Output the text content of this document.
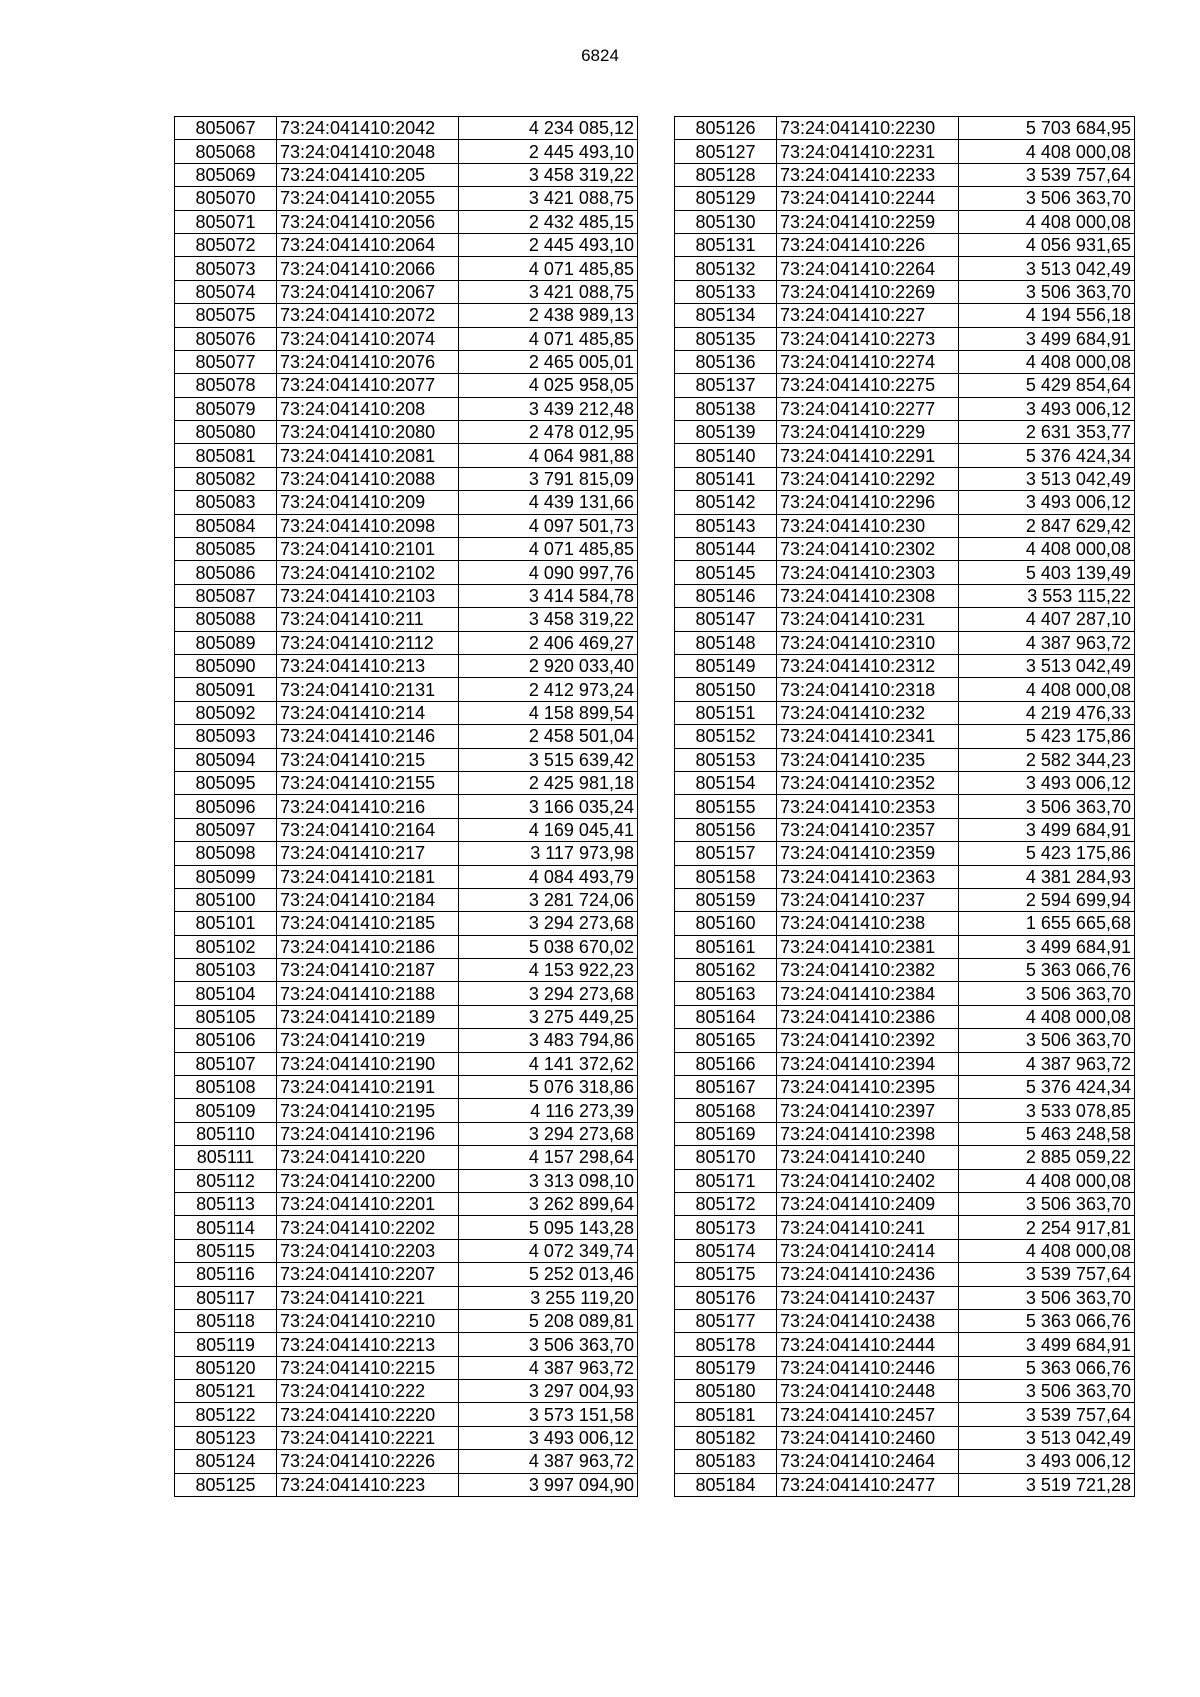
6824
805067	73:24:041410:2042	4 234 085,12
805068	73:24:041410:2048	2 445 493,10
805069	73:24:041410:205	3 458 319,22
805070	73:24:041410:2055	3 421 088,75
805071	73:24:041410:2056	2 432 485,15
805072	73:24:041410:2064	2 445 493,10
805073	73:24:041410:2066	4 071 485,85
805074	73:24:041410:2067	3 421 088,75
805075	73:24:041410:2072	2 438 989,13
805076	73:24:041410:2074	4 071 485,85
805077	73:24:041410:2076	2 465 005,01
805078	73:24:041410:2077	4 025 958,05
805079	73:24:041410:208	3 439 212,48
805080	73:24:041410:2080	2 478 012,95
805081	73:24:041410:2081	4 064 981,88
805082	73:24:041410:2088	3 791 815,09
805083	73:24:041410:209	4 439 131,66
805084	73:24:041410:2098	4 097 501,73
805085	73:24:041410:2101	4 071 485,85
805086	73:24:041410:2102	4 090 997,76
805087	73:24:041410:2103	3 414 584,78
805088	73:24:041410:211	3 458 319,22
805089	73:24:041410:2112	2 406 469,27
805090	73:24:041410:213	2 920 033,40
805091	73:24:041410:2131	2 412 973,24
805092	73:24:041410:214	4 158 899,54
805093	73:24:041410:2146	2 458 501,04
805094	73:24:041410:215	3 515 639,42
805095	73:24:041410:2155	2 425 981,18
805096	73:24:041410:216	3 166 035,24
805097	73:24:041410:2164	4 169 045,41
805098	73:24:041410:217	3 117 973,98
805099	73:24:041410:2181	4 084 493,79
805100	73:24:041410:2184	3 281 724,06
805101	73:24:041410:2185	3 294 273,68
805102	73:24:041410:2186	5 038 670,02
805103	73:24:041410:2187	4 153 922,23
805104	73:24:041410:2188	3 294 273,68
805105	73:24:041410:2189	3 275 449,25
805106	73:24:041410:219	3 483 794,86
805107	73:24:041410:2190	4 141 372,62
805108	73:24:041410:2191	5 076 318,86
805109	73:24:041410:2195	4 116 273,39
805110	73:24:041410:2196	3 294 273,68
805111	73:24:041410:220	4 157 298,64
805112	73:24:041410:2200	3 313 098,10
805113	73:24:041410:2201	3 262 899,64
805114	73:24:041410:2202	5 095 143,28
805115	73:24:041410:2203	4 072 349,74
805116	73:24:041410:2207	5 252 013,46
805117	73:24:041410:221	3 255 119,20
805118	73:24:041410:2210	5 208 089,81
805119	73:24:041410:2213	3 506 363,70
805120	73:24:041410:2215	4 387 963,72
805121	73:24:041410:222	3 297 004,93
805122	73:24:041410:2220	3 573 151,58
805123	73:24:041410:2221	3 493 006,12
805124	73:24:041410:2226	4 387 963,72
805125	73:24:041410:223	3 997 094,90
805126	73:24:041410:2230	5 703 684,95
805127	73:24:041410:2231	4 408 000,08
805128	73:24:041410:2233	3 539 757,64
805129	73:24:041410:2244	3 506 363,70
805130	73:24:041410:2259	4 408 000,08
805131	73:24:041410:226	4 056 931,65
805132	73:24:041410:2264	3 513 042,49
805133	73:24:041410:2269	3 506 363,70
805134	73:24:041410:227	4 194 556,18
805135	73:24:041410:2273	3 499 684,91
805136	73:24:041410:2274	4 408 000,08
805137	73:24:041410:2275	5 429 854,64
805138	73:24:041410:2277	3 493 006,12
805139	73:24:041410:229	2 631 353,77
805140	73:24:041410:2291	5 376 424,34
805141	73:24:041410:2292	3 513 042,49
805142	73:24:041410:2296	3 493 006,12
805143	73:24:041410:230	2 847 629,42
805144	73:24:041410:2302	4 408 000,08
805145	73:24:041410:2303	5 403 139,49
805146	73:24:041410:2308	3 553 115,22
805147	73:24:041410:231	4 407 287,10
805148	73:24:041410:2310	4 387 963,72
805149	73:24:041410:2312	3 513 042,49
805150	73:24:041410:2318	4 408 000,08
805151	73:24:041410:232	4 219 476,33
805152	73:24:041410:2341	5 423 175,86
805153	73:24:041410:235	2 582 344,23
805154	73:24:041410:2352	3 493 006,12
805155	73:24:041410:2353	3 506 363,70
805156	73:24:041410:2357	3 499 684,91
805157	73:24:041410:2359	5 423 175,86
805158	73:24:041410:2363	4 381 284,93
805159	73:24:041410:237	2 594 699,94
805160	73:24:041410:238	1 655 665,68
805161	73:24:041410:2381	3 499 684,91
805162	73:24:041410:2382	5 363 066,76
805163	73:24:041410:2384	3 506 363,70
805164	73:24:041410:2386	4 408 000,08
805165	73:24:041410:2392	3 506 363,70
805166	73:24:041410:2394	4 387 963,72
805167	73:24:041410:2395	5 376 424,34
805168	73:24:041410:2397	3 533 078,85
805169	73:24:041410:2398	5 463 248,58
805170	73:24:041410:240	2 885 059,22
805171	73:24:041410:2402	4 408 000,08
805172	73:24:041410:2409	3 506 363,70
805173	73:24:041410:241	2 254 917,81
805174	73:24:041410:2414	4 408 000,08
805175	73:24:041410:2436	3 539 757,64
805176	73:24:041410:2437	3 506 363,70
805177	73:24:041410:2438	5 363 066,76
805178	73:24:041410:2444	3 499 684,91
805179	73:24:041410:2446	5 363 066,76
805180	73:24:041410:2448	3 506 363,70
805181	73:24:041410:2457	3 539 757,64
805182	73:24:041410:2460	3 513 042,49
805183	73:24:041410:2464	3 493 006,12
805184	73:24:041410:2477	3 519 721,28
